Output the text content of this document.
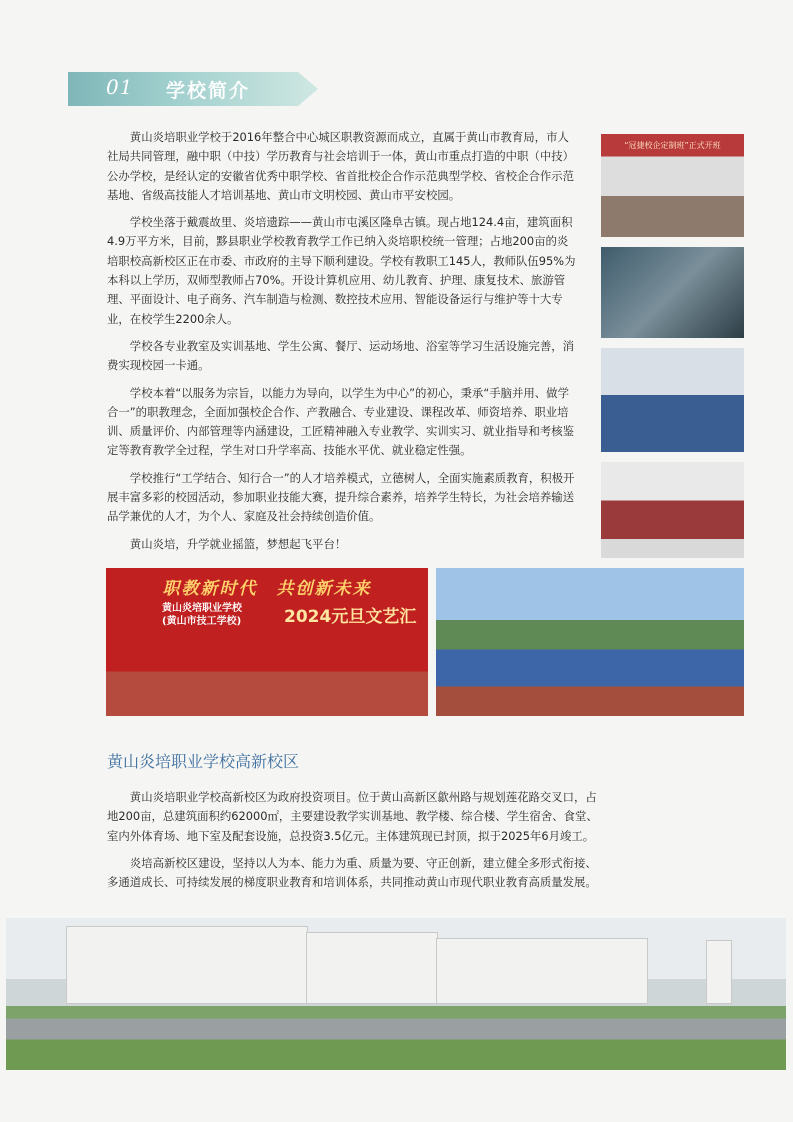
01 学校简介

黄山炎培职业学校于2016年整合中心城区职教资源而成立，直属于黄山市教育局，市人社局共同管理，融中职（中技）学历教育与社会培训于一体，黄山市重点打造的中职（中技）公办学校，是经认定的安徽省优秀中职学校、省首批校企合作示范典型学校、省校企合作示范基地、省级高技能人才培训基地、黄山市文明校园、黄山市平安校园。

学校坐落于戴震故里、炎培遗踪——黄山市屯溪区隆阜古镇。现占地124.4亩，建筑面积4.9万平方米，目前，黟县职业学校教育教学工作已纳入炎培职校统一管理；占地200亩的炎培职校高新校区正在市委、市政府的主导下顺利建设。学校有教职工145人，教师队伍95%为本科以上学历，双师型教师占70%。开设计算机应用、幼儿教育、护理、康复技术、旅游管理、平面设计、电子商务、汽车制造与检测、数控技术应用、智能设备运行与维护等十大专业，在校学生2200余人。

学校各专业教室及实训基地、学生公寓、餐厅、运动场地、浴室等学习生活设施完善，消费实现校园一卡通。

学校本着“以服务为宗旨，以能力为导向，以学生为中心”的初心，秉承“手脑并用、做学合一”的职教理念，全面加强校企合作、产教融合、专业建设、课程改革、师资培养、职业培训、质量评价、内部管理等内涵建设，工匠精神融入专业教学、实训实习、就业指导和考核鉴定等教育教学全过程，学生对口升学率高、技能水平优、就业稳定性强。

学校推行“工学结合、知行合一”的人才培养模式，立德树人，全面实施素质教育，积极开展丰富多彩的校园活动，参加职业技能大赛，提升综合素养，培养学生特长，为社会培养输送品学兼优的人才，为个人、家庭及社会持续创造价值。

黄山炎培，升学就业摇篮，梦想起飞平台！

“冠捷校企定制班”正式开班
职教新时代　共创新未来
黄山炎培职业学校
(黄山市技工学校)	2024元旦文艺汇
黄山炎培职业学校高新校区

黄山炎培职业学校高新校区为政府投资项目。位于黄山高新区歙州路与规划莲花路交叉口，占地200亩，总建筑面积约62000㎡，主要建设教学实训基地、教学楼、综合楼、学生宿舍、食堂、室内外体育场、地下室及配套设施，总投资3.5亿元。主体建筑现已封顶，拟于2025年6月竣工。

炎培高新校区建设，坚持以人为本、能力为重、质量为要、守正创新，建立健全多形式衔接、多通道成长、可持续发展的梯度职业教育和培训体系，共同推动黄山市现代职业教育高质量发展。
